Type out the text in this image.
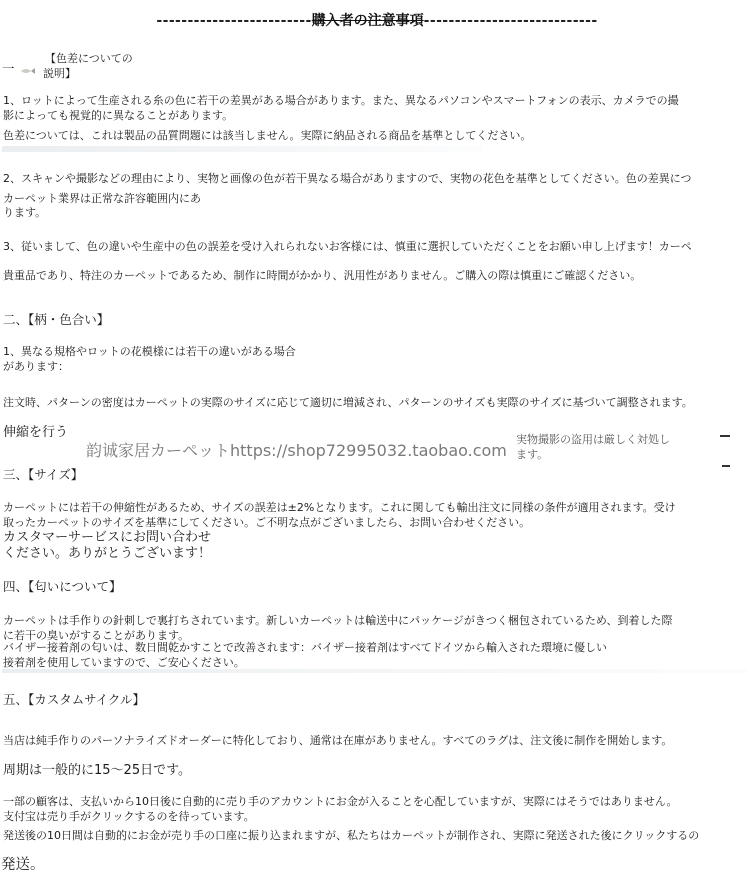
-------------------------購入者の注意事項----------------------------
一
【色差についての
説明】
1、ロットによって生産される糸の色に若干の差異がある場合があります。また、異なるパソコンやスマートフォンの表示、カメラでの撮
影によっても視覚的に異なることがあります。
色差については、これは製品の品質問題には該当しません。実際に納品される商品を基準としてください。
2、スキャンや撮影などの理由により、実物と画像の色が若干異なる場合がありますので、実物の花色を基準としてください。色の差異につ
カーペット業界は正常な許容範囲内にあ
ります。
3、従いまして、色の違いや生産中の色の誤差を受け入れられないお客様には、慎重に選択していただくことをお願い申し上げます！カーペ
貴重品であり、特注のカーペットであるため、制作に時間がかかり、汎用性がありません。ご購入の際は慎重にご確認ください。
二、【柄・色合い】
1、異なる規格やロットの花模様には若干の違いがある場合
があります：
注文時、パターンの密度はカーペットの実際のサイズに応じて適切に増減され、パターンのサイズも実際のサイズに基づいて調整されます。
伸縮を行う
韵诚家居カーペットhttps://shop72995032.taobao.com
実物撮影の盗用は厳しく対処し
ます。
三、【サイズ】
カーペットには若干の伸縮性があるため、サイズの誤差は±2%となります。これに関しても輸出注文に同様の条件が適用されます。受け
取ったカーペットのサイズを基準にしてください。ご不明な点がございましたら、お問い合わせください。
カスタマーサービスにお問い合わせ
ください。ありがとうございます！
四、【匂いについて】
カーペットは手作りの針刺しで裏打ちされています。新しいカーペットは輸送中にパッケージがきつく梱包されているため、到着した際
に若干の臭いがすることがあります。
バイザー接着剤の匂いは、数日間乾かすことで改善されます：バイザー接着剤はすべてドイツから輸入された環境に優しい
接着剤を使用していますので、ご安心ください。
五、【カスタムサイクル】
当店は純手作りのパーソナライズドオーダーに特化しており、通常は在庫がありません。すべてのラグは、注文後に制作を開始します。
周期は一般的に15〜25日です。
一部の顧客は、支払いから10日後に自動的に売り手のアカウントにお金が入ることを心配していますが、実際にはそうではありません。
支付宝は売り手がクリックするのを待っています。
発送後の10日間は自動的にお金が売り手の口座に振り込まれますが、私たちはカーペットが制作され、実際に発送された後にクリックするの
発送。
